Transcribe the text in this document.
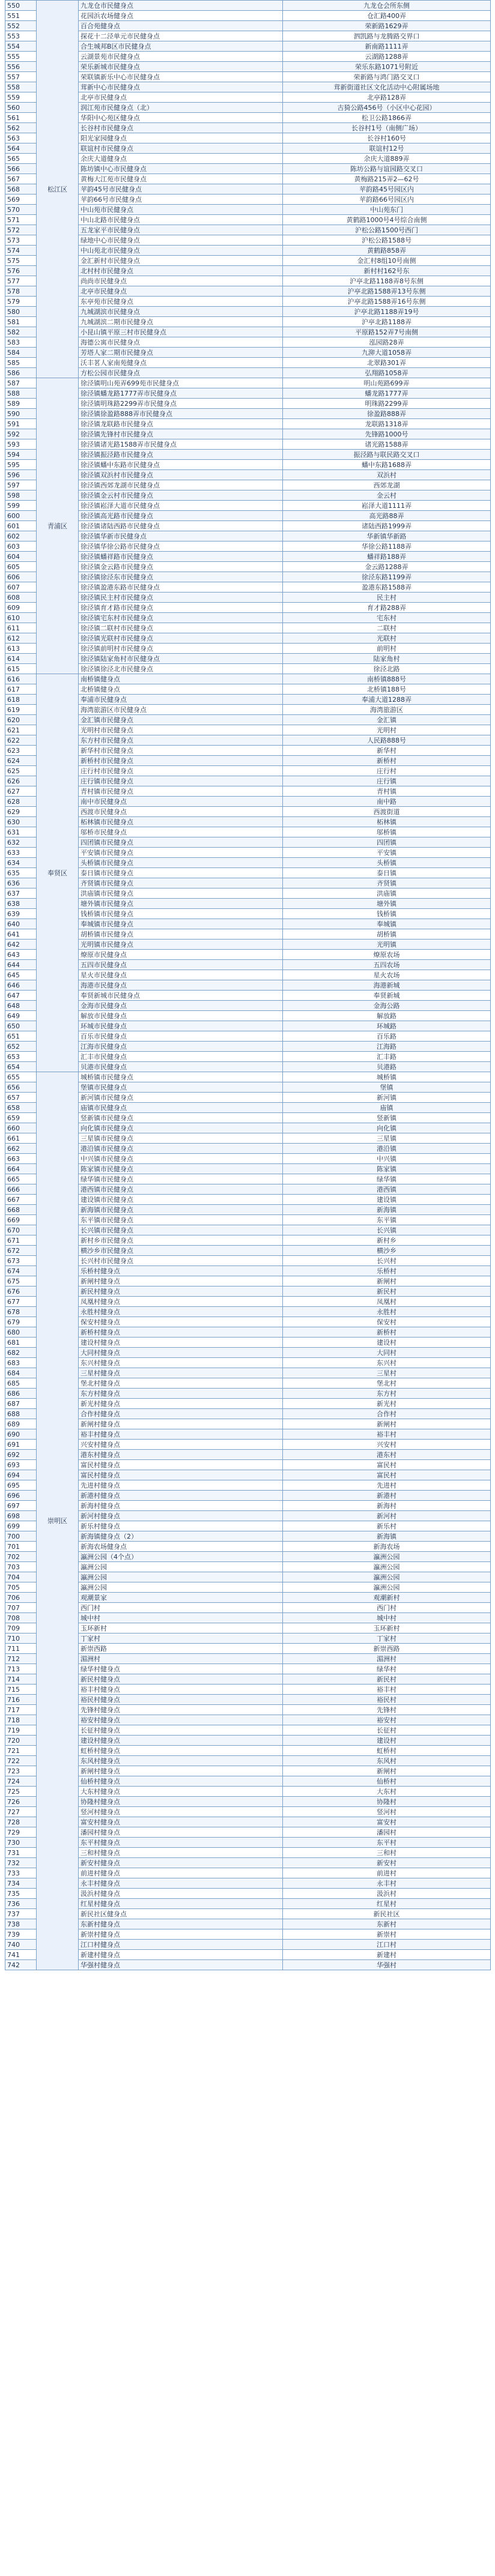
550	松江区	九龙仓市民健身点	九龙仓会所东侧
551		花园浜农场健身点	仓汇路400弄
552		百合苑健身点	荣新路1629弄
553		探花十二泾单元市民健身点	泗凯路与龙腾路交界口
554		合生城邦B区市民健身点	新南路1111弄
555		云湖景苑市民健身点	云湖路1288弄
556		荣乐新城市民健身点	荣乐东路1071号附近
557		荣联镇新乐中心市民健身点	荣新路与鸿门路交叉口
558		茸新中心市民健身点	茸新街道社区文化活动中心附属场地
559		北亭市民健身点	北亭路128弄
560		润江苑市民健身点（北）	古猗公路456号（小区中心花园）
561		华阳中心苑区健身点	松卫公路1866弄
562		长谷村市民健身点	长谷村1号（南侧广场）
563		阳光家园健身点	长谷村160号
564		联谊村市民健身点	联谊村12号
565		余庆大道健身点	余庆大道889弄
566		陈坊镇中心市民健身点	陈坊公路与谊园路交叉口
567		黄梅大江苑市民健身点	黄梅路215弄2—62号
568		苹韵45号市民健身点	苹韵路45号园区内
569		苹韵66号市民健身点	苹韵路66号园区内
570		中山苑市民健身点	中山苑东门
571		中山北路市民健身点	黄鹤路1000号4号综合南侧
572		五龙家平市民健身点	沪松公路1500号西门
573		绿地中心市民健身点	沪松公路1588号
574		中山苑北市民健身点	黄鹤路858弄
575		金汇新村市民健身点	金汇村8组10号南侧
576		北村村市民健身点	新村村162号东
577		尚尚市民健身点	沪亭北路1188弄8号东侧
578		北亭市民健身点	沪亭北路1588弄13号东侧
579		东亭苑市民健身点	沪亭北路1588弄16号东侧
580		九城湖滨市民健身点	沪亭北路1188弄19号
581		九城湖滨二期市民健身点	沪亭北路1188弄
582		小昆山镇平原三村市民健身点	平原路152弄7号南侧
583		海德公寓市民健身点	泓园路28弄
584		芳塔人家二期市民健身点	九泖大道1058弄
585		沃丰茗人家南苑健身点	北翠路301弄
586		方松公园市民健身点	弘翔路1058弄
587	青浦区	徐泾镇明山苑弄699苑市民健身点	明山苑路699弄
588		徐泾镇蟠龙路1777弄市民健身点	蟠龙路1777弄
589		徐泾镇明珠路2299弄市民健身点	明珠路2299弄
590		徐泾镇徐盈路888弄市民健身点	徐盈路888弄
591		徐泾镇龙联路市民健身点	龙联路1318弄
592		徐泾镇先锋村市民健身点	先锋路1000号
593		徐泾镇诸光路1588弄市民健身点	诸光路1588弄
594		徐泾镇振泾路市民健身点	振泾路与联民路交叉口
595		徐泾镇蟠中东路市民健身点	蟠中东路1688弄
596		徐泾镇双浜村市民健身点	双浜村
597		徐泾镇西郊龙湖市民健身点	西郊龙湖
598		徐泾镇金云村市民健身点	金云村
599		徐泾镇崧泽大道市民健身点	崧泽大道1111弄
600		徐泾镇高光路市民健身点	高光路88弄
601		徐泾镇诸陆西路市民健身点	诸陆西路1999弄
602		徐泾镇华新市民健身点	华新镇华新路
603		徐泾镇华徐公路市民健身点	华徐公路1188弄
604		徐泾镇蟠祥路市民健身点	蟠祥路188弄
605		徐泾镇金云路市民健身点	金云路1288弄
606		徐泾镇徐泾东市民健身点	徐泾东路1199弄
607		徐泾镇盈港东路市民健身点	盈港东路1588弄
608		徐泾镇民主村市民健身点	民主村
609		徐泾镇育才路市民健身点	育才路288弄
610		徐泾镇宅东村市民健身点	宅东村
611		徐泾镇二联村市民健身点	二联村
612		徐泾镇光联村市民健身点	光联村
613		徐泾镇前明村市民健身点	前明村
614		徐泾镇陆家角村市民健身点	陆家角村
615		徐泾镇徐泾北市民健身点	徐泾北路
616	奉贤区	南桥镇健身点	南桥镇888号
617		北桥镇健身点	北桥镇188号
618		奉浦市民健身点	奉浦大道1288弄
619		海湾旅游区市民健身点	海湾旅游区
620		金汇镇市民健身点	金汇镇
621		光明村市民健身点	光明村
622		东方村市民健身点	人民路888号
623		新华村市民健身点	新华村
624		新桥村市民健身点	新桥村
625		庄行村市民健身点	庄行村
626		庄行镇市民健身点	庄行镇
627		青村镇市民健身点	青村镇
628		南中市民健身点	南中路
629		西渡市民健身点	西渡街道
630		柘林镇市民健身点	柘林镇
631		邬桥市民健身点	邬桥镇
632		四团镇市民健身点	四团镇
633		平安镇市民健身点	平安镇
634		头桥镇市民健身点	头桥镇
635		泰日镇市民健身点	泰日镇
636		齐贤镇市民健身点	齐贤镇
637		洪庙镇市民健身点	洪庙镇
638		塘外镇市民健身点	塘外镇
639		钱桥镇市民健身点	钱桥镇
640		奉城镇市民健身点	奉城镇
641		胡桥镇市民健身点	胡桥镇
642		光明镇市民健身点	光明镇
643		燎原市民健身点	燎原农场
644		五四市民健身点	五四农场
645		星火市民健身点	星火农场
646		海港市民健身点	海港新城
647		奉贤新城市民健身点	奉贤新城
648		金海市民健身点	金海公路
649		解放市民健身点	解放路
650		环城市民健身点	环城路
651		百乐市民健身点	百乐路
652		江海市民健身点	江海路
653		汇丰市民健身点	汇丰路
654		贝港市民健身点	贝港路
655	崇明区	城桥镇市民健身点	城桥镇
656		堡镇市民健身点	堡镇
657		新河镇市民健身点	新河镇
658		庙镇市民健身点	庙镇
659		竖新镇市民健身点	竖新镇
660		向化镇市民健身点	向化镇
661		三星镇市民健身点	三星镇
662		港沿镇市民健身点	港沿镇
663		中兴镇市民健身点	中兴镇
664		陈家镇市民健身点	陈家镇
665		绿华镇市民健身点	绿华镇
666		港西镇市民健身点	港西镇
667		建设镇市民健身点	建设镇
668		新海镇市民健身点	新海镇
669		东平镇市民健身点	东平镇
670		长兴镇市民健身点	长兴镇
671		新村乡市民健身点	新村乡
672		横沙乡市民健身点	横沙乡
673		长兴村市民健身点	长兴村
674		乐桥村健身点	乐桥村
675		新闸村健身点	新闸村
676		新民村健身点	新民村
677		凤凰村健身点	凤凰村
678		永胜村健身点	永胜村
679		保安村健身点	保安村
680		新桥村健身点	新桥村
681		建设村健身点	建设村
682		大同村健身点	大同村
683		东兴村健身点	东兴村
684		三星村健身点	三星村
685		堡北村健身点	堡北村
686		东方村健身点	东方村
687		新光村健身点	新光村
688		合作村健身点	合作村
689		新闸村健身点	新闸村
690		裕丰村健身点	裕丰村
691		兴安村健身点	兴安村
692		港东村健身点	港东村
693		富民村健身点	富民村
694		富民村健身点	富民村
695		先进村健身点	先进村
696		新港村健身点	新港村
697		新海村健身点	新海村
698		新河村健身点	新河村
699		新乐村健身点	新乐村
700		新海镇健身点（2）	新海镇
701		新海农场健身点	新海农场
702		瀛洲公园（4个点）	瀛洲公园
703		瀛洲公园	瀛洲公园
704		瀛洲公园	瀛洲公园
705		瀛洲公园	瀛洲公园
706		观潮景家	观潮新村
707		西门村	西门村
708		城中村	城中村
709		玉环新村	玉环新村
710		丁家村	丁家村
711		新崇西路	新崇西路
712		湄洲村	湄洲村
713		绿华村健身点	绿华村
714		新民村健身点	新民村
715		裕丰村健身点	裕丰村
716		裕民村健身点	裕民村
717		先锋村健身点	先锋村
718		裕安村健身点	裕安村
719		长征村健身点	长征村
720		建设村健身点	建设村
721		虹桥村健身点	虹桥村
722		东风村健身点	东风村
723		新闸村健身点	新闸村
724		仙桥村健身点	仙桥村
725		大东村健身点	大东村
726		协隆村健身点	协隆村
727		竖河村健身点	竖河村
728		富安村健身点	富安村
729		潘园村健身点	潘园村
730		东平村健身点	东平村
731		三和村健身点	三和村
732		新安村健身点	新安村
733		前进村健身点	前进村
734		永丰村健身点	永丰村
735		汲浜村健身点	汲浜村
736		红星村健身点	红星村
737		新民社区健身点	新民社区
738		东新村健身点	东新村
739		新崇村健身点	新崇村
740		江口村健身点	江口村
741		新建村健身点	新建村
742		华强村健身点	华强村
